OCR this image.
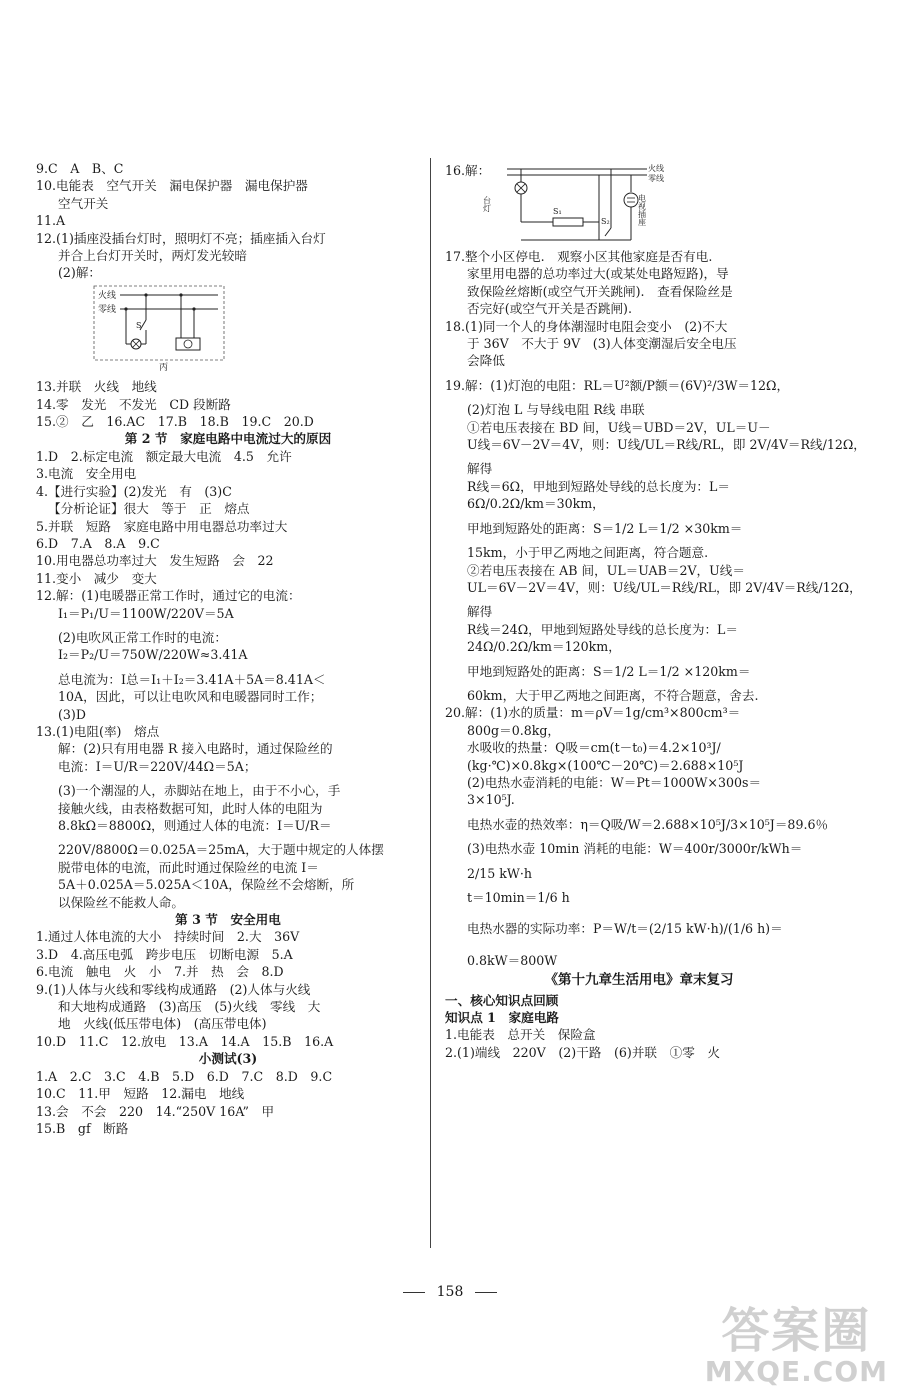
9.C　A　B、C
10.电能表　空气开关　漏电保护器　漏电保护器
空气开关
11.A
12.(1)插座没插台灯时，照明灯不亮；插座插入台灯
并合上台灯开关时，两灯发光较暗
(2)解：
火线
零线
S
丙
13.并联　火线　地线
14.零　发光　不发光　CD 段断路
15.②　乙　16.AC　17.B　18.B　19.C　20.D
第 2 节　家庭电路中电流过大的原因
1.D　2.标定电流　额定最大电流　4.5　允许
3.电流　安全用电
4.【进行实验】(2)发光　有　(3)C
【分析论证】很大　等于　正　熔点
5.并联　短路　家庭电路中用电器总功率过大
6.D　7.A　8.A　9.C
10.用电器总功率过大　发生短路　会　22
11.变小　减少　变大
12.解：(1)电暖器正常工作时，通过它的电流：
I₁＝P₁/U＝1100W/220V＝5A
(2)电吹风正常工作时的电流：
I₂＝P₂/U＝750W/220W≈3.41A
总电流为：I总＝I₁＋I₂＝3.41A＋5A＝8.41A＜
10A，因此，可以让电吹风和电暖器同时工作；
(3)D
13.(1)电阻(率)　熔点
解：(2)只有用电器 R 接入电路时，通过保险丝的
电流：I＝U/R＝220V/44Ω＝5A；
(3)一个潮湿的人，赤脚站在地上，由于不小心，手
接触火线，由表格数据可知，此时人体的电阻为
8.8kΩ＝8800Ω，则通过人体的电流：I＝U/R＝
220V/8800Ω＝0.025A＝25mA，大于题中规定的人体摆
脱带电体的电流，而此时通过保险丝的电流 I＝
5A＋0.025A＝5.025A＜10A，保险丝不会熔断，所
以保险丝不能救人命。
第 3 节　安全用电
1.通过人体电流的大小　持续时间　2.大　36V
3.D　4.高压电弧　跨步电压　切断电源　5.A
6.电流　触电　火　小　7.并　热　会　8.D
9.(1)人体与火线和零线构成通路　(2)人体与火线
和大地构成通路　(3)高压　(5)火线　零线　大
地　火线(低压带电体)　(高压带电体)
10.D　11.C　12.放电　13.A　14.A　15.B　16.A
小测试(3)
1.A　2.C　3.C　4.B　5.D　6.D　7.C　8.D　9.C
10.C　11.甲　短路　12.漏电　地线
13.会　不会　220　14.“250V 16A”　甲
15.B　gf　断路
16.解：	火线
零线
台灯	S₁
S₂	电视插座
17.整个小区停电.　观察小区其他家庭是否有电.
家里用电器的总功率过大(或某处电路短路)，导
致保险丝熔断(或空气开关跳闸).　查看保险丝是
否完好(或空气开关是否跳闸).
18.(1)同一个人的身体潮湿时电阻会变小　(2)不大
于 36V　不大于 9V　(3)人体变潮湿后安全电压
会降低
19.解：(1)灯泡的电阻：RL＝U²额/P额＝(6V)²/3W＝12Ω，
(2)灯泡 L 与导线电阻 R线 串联
①若电压表接在 BD 间，U线＝UBD＝2V，UL＝U－
U线＝6V－2V＝4V，则：U线/UL＝R线/RL，即 2V/4V＝R线/12Ω，
解得
R线＝6Ω，甲地到短路处导线的总长度为：L＝
6Ω/0.2Ω/km＝30km，
甲地到短路处的距离：S＝1/2 L＝1/2 ×30km＝
15km，小于甲乙两地之间距离，符合题意.
②若电压表接在 AB 间，UL＝UAB＝2V，U线＝
UL＝6V－2V＝4V，则：U线/UL＝R线/RL，即 2V/4V＝R线/12Ω，
解得
R线＝24Ω，甲地到短路处导线的总长度为：L＝
24Ω/0.2Ω/km＝120km，
甲地到短路处的距离：S＝1/2 L＝1/2 ×120km＝
60km，大于甲乙两地之间距离，不符合题意，舍去.
20.解：(1)水的质量：m＝ρV＝1g/cm³×800cm³＝
800g＝0.8kg，
水吸收的热量：Q吸＝cm(t－t₀)＝4.2×10³J/
(kg·℃)×0.8kg×(100℃－20℃)＝2.688×10⁵J
(2)电热水壶消耗的电能：W＝Pt＝1000W×300s＝
3×10⁵J.
电热水壶的热效率：η＝Q吸/W＝2.688×10⁵J/3×10⁵J＝89.6％
(3)电热水壶 10min 消耗的电能：W＝400r/3000r/kWh＝
2/15 kW·h
t＝10min＝1/6 h
电热水器的实际功率：P＝W/t＝(2/15 kW·h)/(1/6 h)＝
0.8kW＝800W
《第十九章生活用电》章末复习
一、核心知识点回顾
知识点 1　家庭电路
1.电能表　总开关　保险盒
2.(1)端线　220V　(2)干路　(6)并联　①零　火
158
答案圈
MXQE.COM
